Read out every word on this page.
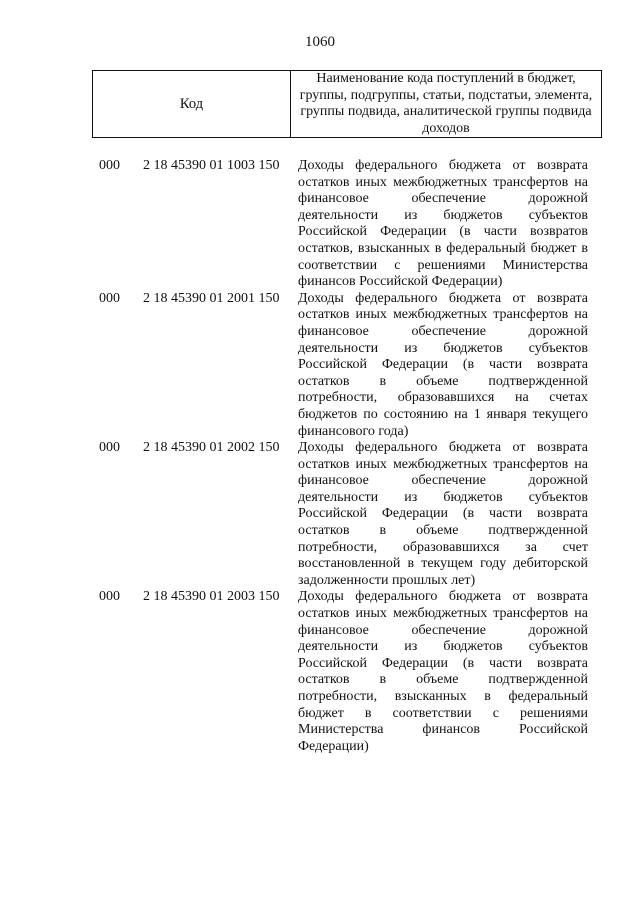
1060
Код
Наименование кода поступлений в бюджет, группы, подгруппы, статьи, подстатьи, элемента, группы подвида, аналитической группы подвида доходов
000 2 18 45390 01 1003 150 Доходы федерального бюджета от возврата остатков иных межбюджетных трансфертов на финансовое обеспечение дорожной деятельности из бюджетов субъектов Российской Федерации (в части возвратов остатков, взысканных в федеральный бюджет в соответствии с решениями Министерства финансов Российской Федерации)
000 2 18 45390 01 2001 150 Доходы федерального бюджета от возврата остатков иных межбюджетных трансфертов на финансовое обеспечение дорожной деятельности из бюджетов субъектов Российской Федерации (в части возврата остатков в объеме подтвержденной потребности, образовавшихся на счетах бюджетов по состоянию на 1 января текущего финансового года)
000 2 18 45390 01 2002 150 Доходы федерального бюджета от возврата остатков иных межбюджетных трансфертов на финансовое обеспечение дорожной деятельности из бюджетов субъектов Российской Федерации (в части возврата остатков в объеме подтвержденной потребности, образовавшихся за счет восстановленной в текущем году дебиторской задолженности прошлых лет)
000 2 18 45390 01 2003 150 Доходы федерального бюджета от возврата остатков иных межбюджетных трансфертов на финансовое обеспечение дорожной деятельности из бюджетов субъектов Российской Федерации (в части возврата остатков в объеме подтвержденной потребности, взысканных в федеральный бюджет в соответствии с решениями Министерства финансов Российской Федерации)
